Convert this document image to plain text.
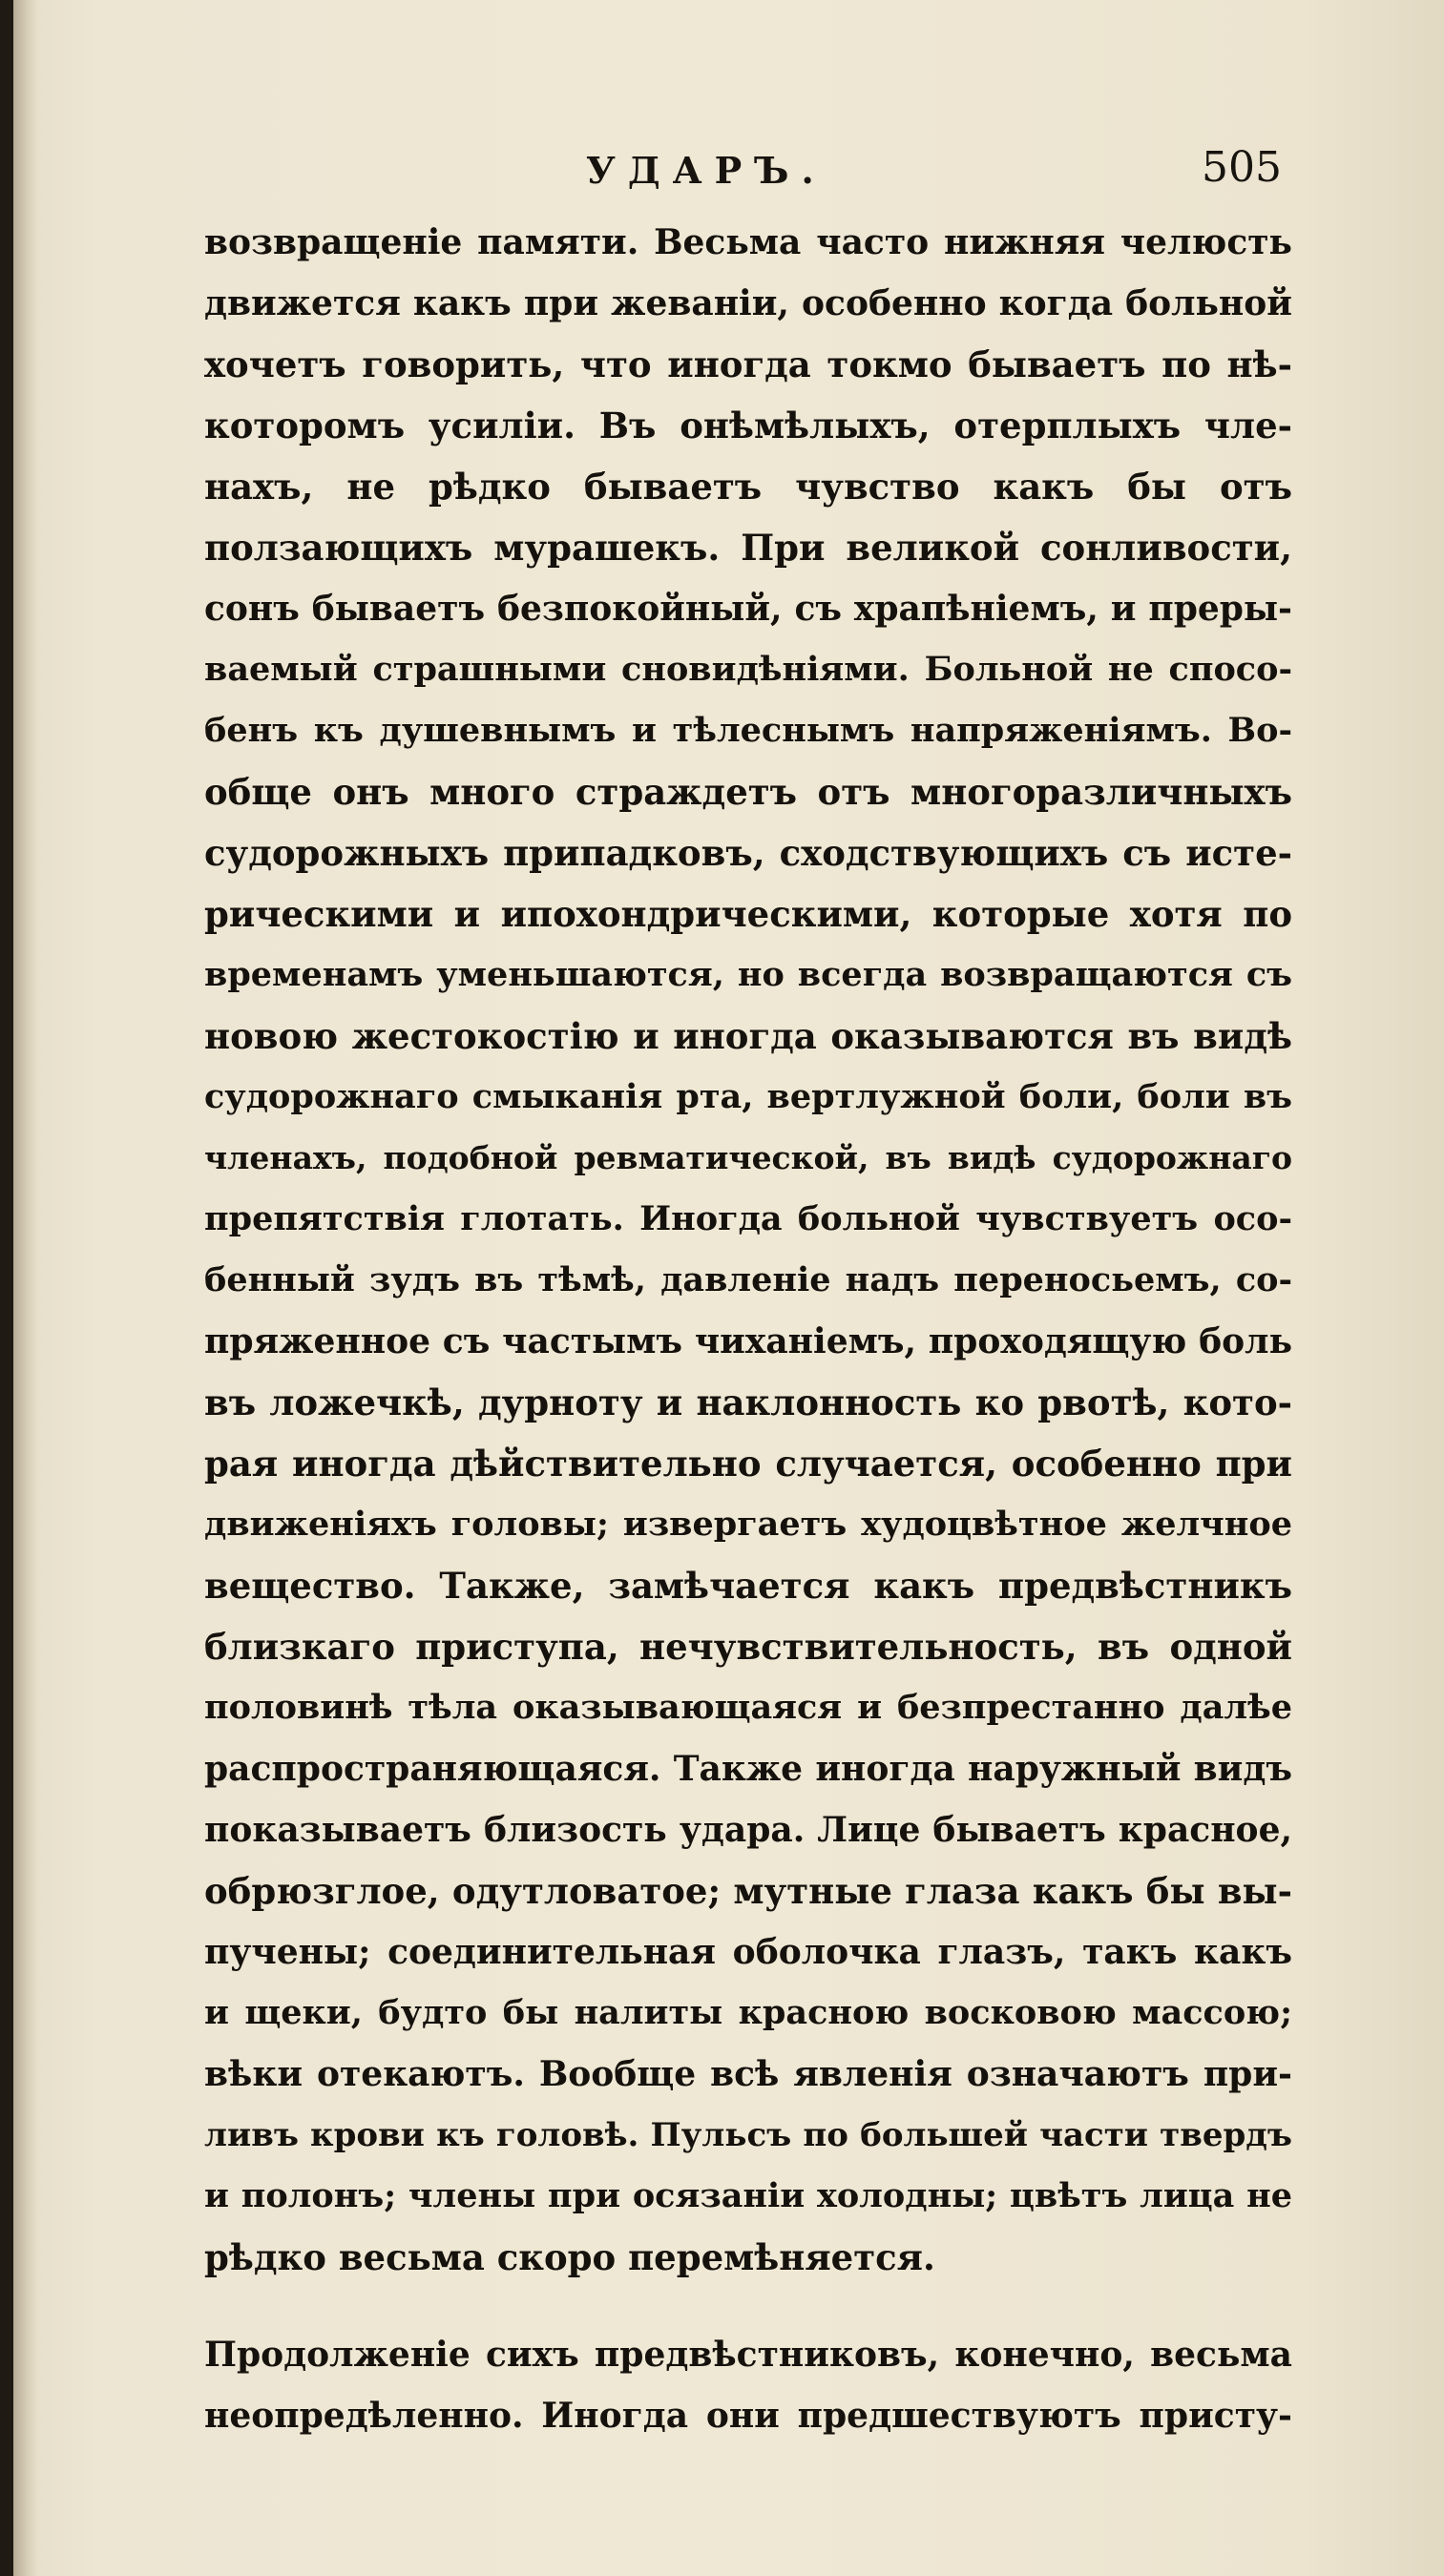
УДАРЪ.	505
возвращеніе памяти. Весьма часто нижняя челюсть
движется какъ при жеваніи, особенно когда больной
хочетъ говорить, что иногда токмо бываетъ по нѣ-
которомъ усиліи. Въ онѣмѣлыхъ, отерплыхъ чле-
нахъ, не рѣдко бываетъ чувство какъ бы отъ
ползающихъ мурашекъ. При великой сонливости,
сонъ бываетъ безпокойный, съ храпѣніемъ, и преры-
ваемый страшными сновидѣніями. Больной не спосо-
бенъ къ душевнымъ и тѣлеснымъ напряженіямъ. Во-
обще онъ много страждетъ отъ многоразличныхъ
судорожныхъ припадковъ, сходствующихъ съ исте-
рическими и ипохондрическими, которые хотя по
временамъ уменьшаются, но всегда возвращаются съ
новою жестокостію и иногда оказываются въ видѣ
судорожнаго смыканія рта, вертлужной боли, боли въ
членахъ, подобной ревматической, въ видѣ судорожнаго
препятствія глотать. Иногда больной чувствуетъ осо-
бенный зудъ въ тѣмѣ, давленіе надъ переносьемъ, со-
пряженное съ частымъ чиханіемъ, проходящую боль
въ ложечкѣ, дурноту и наклонность ко рвотѣ, кото-
рая иногда дѣйствительно случается, особенно при
движеніяхъ головы; извергаетъ худоцвѣтное желчное
вещество. Также, замѣчается какъ предвѣстникъ
близкаго приступа, нечувствительность, въ одной
половинѣ тѣла оказывающаяся и безпрестанно далѣе
распространяющаяся. Также иногда наружный видъ
показываетъ близость удара. Лице бываетъ красное,
обрюзглое, одутловатое; мутные глаза какъ бы вы-
пучены; соединительная оболочка глазъ, такъ какъ
и щеки, будто бы налиты красною восковою массою;
вѣки отекаютъ. Вообще всѣ явленія означаютъ при-
ливъ крови къ головѣ. Пульсъ по большей части твердъ
и полонъ; члены при осязаніи холодны; цвѣтъ лица не
рѣдко весьма скоро перемѣняется.
Продолженіе сихъ предвѣстниковъ, конечно, весьма
неопредѣленно. Иногда они предшествуютъ присту-
